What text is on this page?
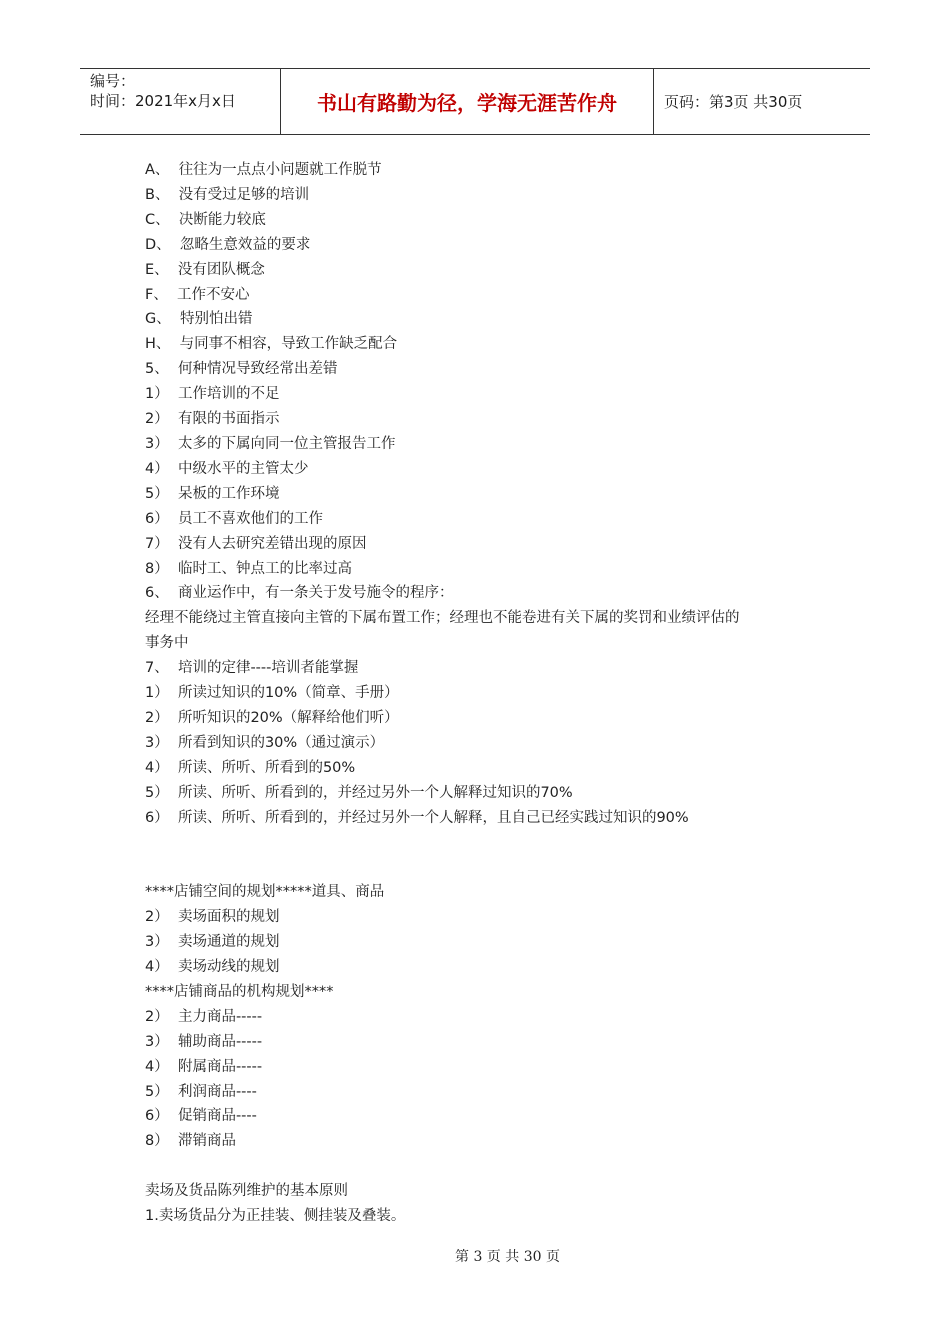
编号：
时间：2021年x月x日	书山有路勤为径，学海无涯苦作舟	页码：第3页 共30页
A、  往往为一点点小问题就工作脱节
B、  没有受过足够的培训
C、  决断能力较底
D、  忽略生意效益的要求
E、  没有团队概念
F、  工作不安心
G、  特别怕出错
H、  与同事不相容，导致工作缺乏配合
5、  何种情况导致经常出差错
1）  工作培训的不足
2）  有限的书面指示
3）  太多的下属向同一位主管报告工作
4）  中级水平的主管太少
5）  呆板的工作环境
6）  员工不喜欢他们的工作
7）  没有人去研究差错出现的原因
8）  临时工、钟点工的比率过高
6、  商业运作中，有一条关于发号施令的程序：
经理不能绕过主管直接向主管的下属布置工作；经理也不能卷进有关下属的奖罚和业绩评估的
事务中
7、  培训的定律----培训者能掌握
1）  所读过知识的10%（简章、手册）
2）  所听知识的20%（解释给他们听）
3）  所看到知识的30%（通过演示）
4）  所读、所听、所看到的50%
5）  所读、所听、所看到的，并经过另外一个人解释过知识的70%
6）  所读、所听、所看到的，并经过另外一个人解释，且自己已经实践过知识的90%
****店铺空间的规划*****道具、商品
2）  卖场面积的规划
3）  卖场通道的规划
4）  卖场动线的规划
****店铺商品的机构规划****
2）  主力商品-----
3）  辅助商品-----
4）  附属商品-----
5）  利润商品----
6）  促销商品----
8）  滞销商品
卖场及货品陈列维护的基本原则
1.卖场货品分为正挂装、侧挂装及叠装。
第 3 页 共 30 页
